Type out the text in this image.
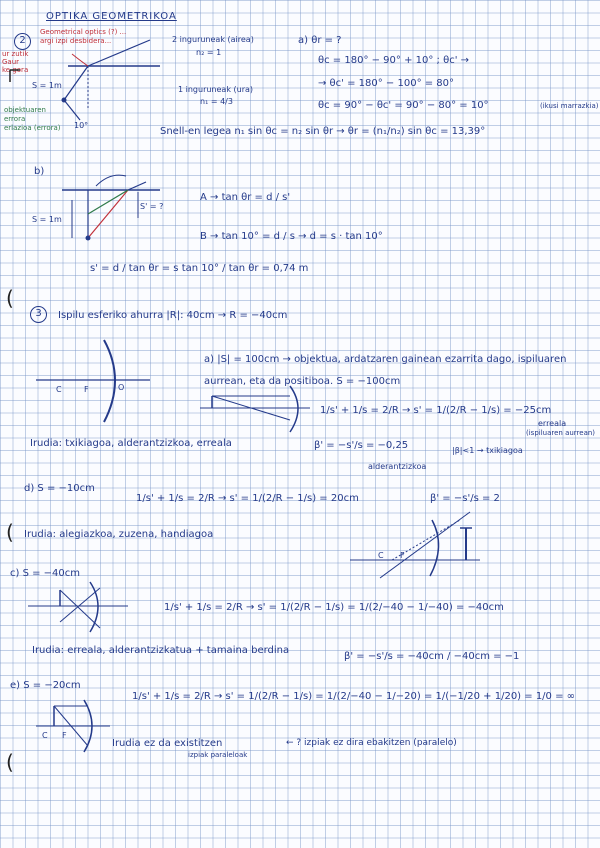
OPTIKA GEOMETRIKOA
2
Geometrical optics (?) ...
argi izpi desbidera...
ur zutik
Gaur
ke gora
2 inguruneak (airea)
n₂ = 1
1 inguruneak (ura)
n₁ = 4/3
S = 1m
objektuaren
errora
erlazioa (errora)	10°
a) θr = ?
θc = 180° − 90° + 10° ; θc' →
→ θc' = 180° − 100° = 80°
θc = 90° − θc' = 90° − 80° = 10°	(ikusi marrazkia)
Snell-en legea n₁ sin θc = n₂ sin θr → θr = (n₁/n₂) sin θc = 13,39°
b)
S = 1m
S' = ?
A → tan θr = d / s'
B → tan 10° = d / s → d = s · tan 10°
s' = d / tan θr = s tan 10° / tan θr = 0,74 m
(
3	Ispilu esferiko ahurra |R|: 40cm → R = −40cm
C	F	O
a) |S| = 100cm → objektua, ardatzaren gainean ezarrita dago, ispiluaren aurrean, eta da positiboa. S = −100cm
1/s' + 1/s = 2/R → s' = 1/(2/R − 1/s) = −25cm
erreala
(ispiluaren aurrean)
Irudia: txikiagoa, alderantzizkoa, erreala	β' = −s'/s = −0,25	|β|<1 → txikiagoa
alderantzizkoa
d) S = −10cm
1/s' + 1/s = 2/R → s' = 1/(2/R − 1/s) = 20cm	β' = −s'/s = 2
( Irudia: alegiazkoa, zuzena, handiagoa
C F
c) S = −40cm
1/s' + 1/s = 2/R → s' = 1/(2/R − 1/s) = 1/(2/−40 − 1/−40) = −40cm
Irudia: erreala, alderantzizkatua + tamaina berdina
β' = −s'/s = −40cm / −40cm = −1
e) S = −20cm
C F
1/s' + 1/s = 2/R → s' = 1/(2/R − 1/s) = 1/(2/−40 − 1/−20) = 1/(−1/20 + 1/20) = 1/0 = ∞
Irudia ez da existitzen
izpiak paraleloak
← ? izpiak ez dira ebakitzen (paralelo)
(
